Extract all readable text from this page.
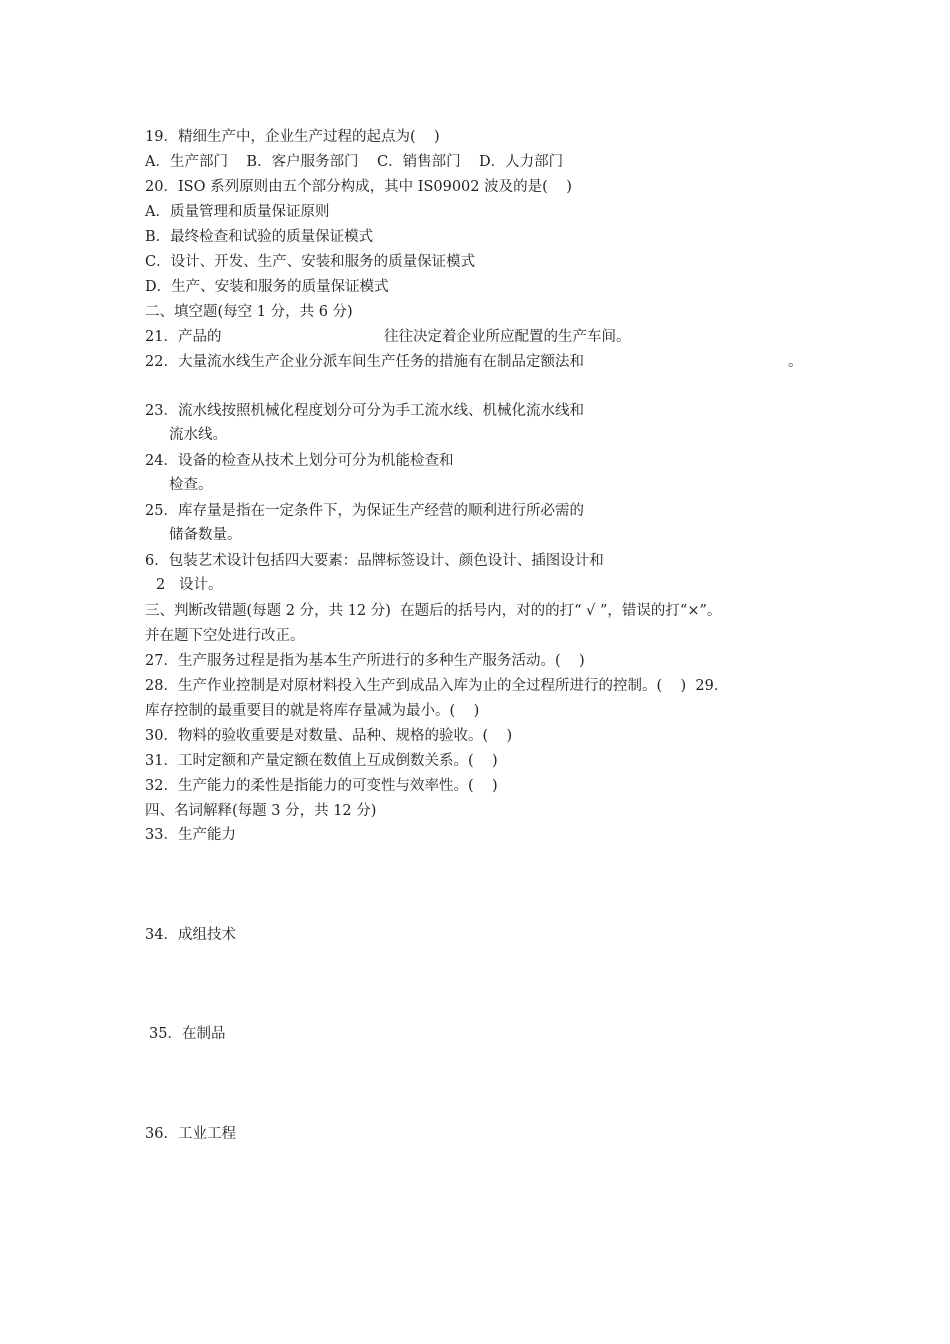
19．精细生产中，企业生产过程的起点为(    )
A．生产部门    B．客户服务部门    C．销售部门    D．人力部门
20．ISO 系列原则由五个部分构成，其中 IS09002 波及的是(    )
A．质量管理和质量保证原则
B．最终检查和试验的质量保证模式
C．设计、开发、生产、安装和服务的质量保证模式
D．生产、安装和服务的质量保证模式
二、填空题(每空 1 分，共 6 分)
21．产品的	往往决定着企业所应配置的生产车间。
22．大量流水线生产企业分派车间生产任务的措施有在制品定额法和	。
23．流水线按照机械化程度划分可分为手工流水线、机械化流水线和
流水线。
24．设备的检查从技术上划分可分为机能检查和
检查。
25．库存量是指在一定条件下，为保证生产经营的顺利进行所必需的
储备数量。
6．包装艺术设计包括四大要素：品牌标签设计、颜色设计、插图设计和
2   设计。
三、判断改错题(每题 2 分，共 12 分)  在题后的括号内，对的的打“ √ ”，错误的打“×”。
并在题下空处进行改正。
27．生产服务过程是指为基本生产所进行的多种生产服务活动。(    )
28．生产作业控制是对原材料投入生产到成品入库为止的全过程所进行的控制。(    )  29．
库存控制的最重要目的就是将库存量减为最小。(    )
30．物料的验收重要是对数量、品种、规格的验收。(    )
31．工时定额和产量定额在数值上互成倒数关系。(    )
32．生产能力的柔性是指能力的可变性与效率性。(    )
四、名词解释(每题 3 分，共 12 分)
33．生产能力
34．成组技术
35．在制品
36．工业工程
